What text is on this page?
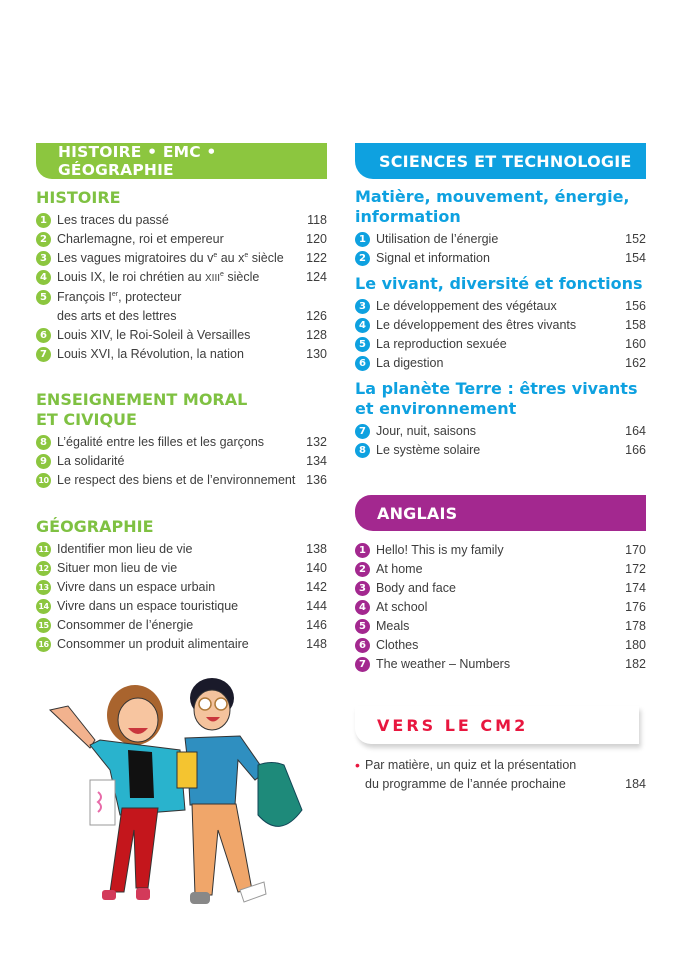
HISTOIRE • EMC • GÉOGRAPHIE
HISTOIRE
1 Les traces du passé	118
2 Charlemagne, roi et empereur	120
3 Les vagues migratoires du $v^e$ au $x^e$ siècle	122
4 Louis IX, le roi chrétien au XIIIe siècle	124
5 François Ier, protecteur
des arts et des lettres	126
6 Louis XIV, le Roi-Soleil à Versailles	128
7 Louis XVI, la Révolution, la nation	130
ENSEIGNEMENT MORAL
ET CIVIQUE
8 L’égalité entre les filles et les garçons	132
9 La solidarité	134
10 Le respect des biens et de l’environnement 136
GÉOGRAPHIE
11 Identifier mon lieu de vie	138
12 Situer mon lieu de vie	140
13 Vivre dans un espace urbain	142
14 Vivre dans un espace touristique	144
15 Consommer de l’énergie	146
16 Consommer un produit alimentaire	148
SCIENCES ET TECHNOLOGIE
Matière, mouvement, énergie,
information
1 Utilisation de l’énergie	152
2 Signal et information	154
Le vivant, diversité et fonctions
3 Le développement des végétaux	156
4 Le développement des êtres vivants	158
5 La reproduction sexuée	160
6 La digestion	162
La planète Terre : êtres vivants
et environnement
7 Jour, nuit, saisons	164
8 Le système solaire	166
ANGLAIS
1 Hello! This is my family	170
2 At home	172
3 Body and face	174
4 At school	176
5 Meals	178
6 Clothes	180
7 The weather – Numbers	182
VERS LE CM2
• Par matière, un quiz et la présentation
du programme de l’année prochaine	184
